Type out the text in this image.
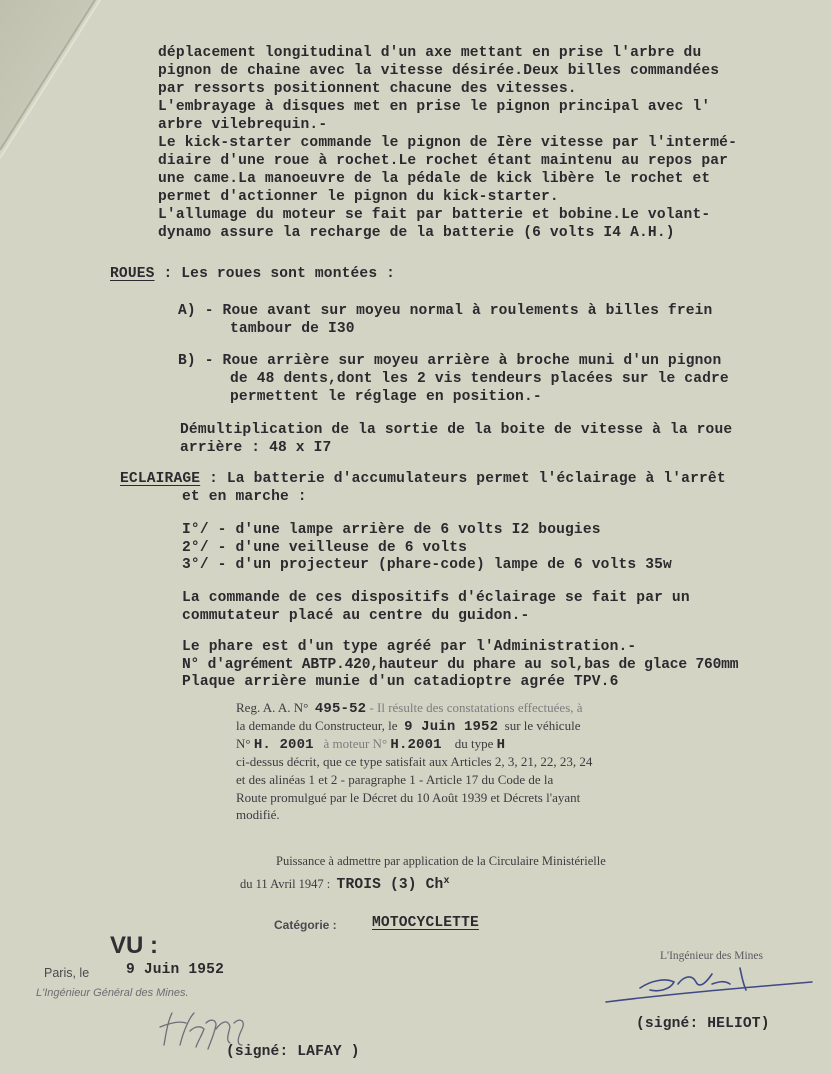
déplacement longitudinal d'un axe mettant en prise l'arbre du
pignon de chaine avec la vitesse désirée.Deux billes commandées
par ressorts positionnent chacune des vitesses.
L'embrayage à disques met en prise le pignon principal avec l'
arbre vilebrequin.-
Le kick-starter commande le pignon de Ière vitesse par l'intermé-
diaire d'une roue à rochet.Le rochet étant maintenu au repos par
une came.La manoeuvre de la pédale de kick libère le rochet et
permet d'actionner le pignon du kick-starter.
L'allumage du moteur se fait par batterie et bobine.Le volant-
dynamo assure la recharge de la batterie (6 volts I4 A.H.)
ROUES : Les roues sont montées :
A) - Roue avant sur moyeu normal à roulements à billes frein
tambour de I30
B) - Roue arrière sur moyeu arrière à broche muni d'un pignon
de 48 dents,dont les 2 vis tendeurs placées sur le cadre
permettent le réglage en position.-
Démultiplication de la sortie de la boite de vitesse à la roue
arrière : 48 x I7
ECLAIRAGE : La batterie d'accumulateurs permet l'éclairage à l'arrêt
et en marche :
I°/ - d'une lampe arrière de 6 volts I2 bougies
2°/ - d'une veilleuse de 6 volts
3°/ - d'un projecteur (phare-code) lampe de 6 volts 35w
La commande de ces dispositifs d'éclairage se fait par un
commutateur placé au centre du guidon.-
Le phare est d'un type agréé par l'Administration.-
N° d'agrément ABTP.420,hauteur du phare au sol,bas de glace 760mm
Plaque arrière munie d'un catadioptre agrée TPV.6
Reg. A. A. N° 495-52 - Il résulte des constatations effectuées, à
la demande du Constructeur, le 9 Juin 1952 sur le véhicule
N° H. 2001 à moteur N° H.2001 du type H
ci-dessus décrit, que ce type satisfait aux Articles 2, 3, 21, 22, 23, 24
et des alinéas 1 et 2 - paragraphe 1 - Article 17 du Code de la
Route promulgué par le Décret du 10 Août 1939 et Décrets l'ayant
modifié.
Puissance à admettre par application de la Circulaire Ministérielle
du 11 Avril 1947 : TROIS (3) Ch$^x$
Catégorie : MOTOCYCLETTE
VU :
Paris, le	9 Juin 1952
L'Ingénieur Général des Mines.
(signé: LAFAY )
L'Ingénieur des Mines
(signé: HELIOT)
